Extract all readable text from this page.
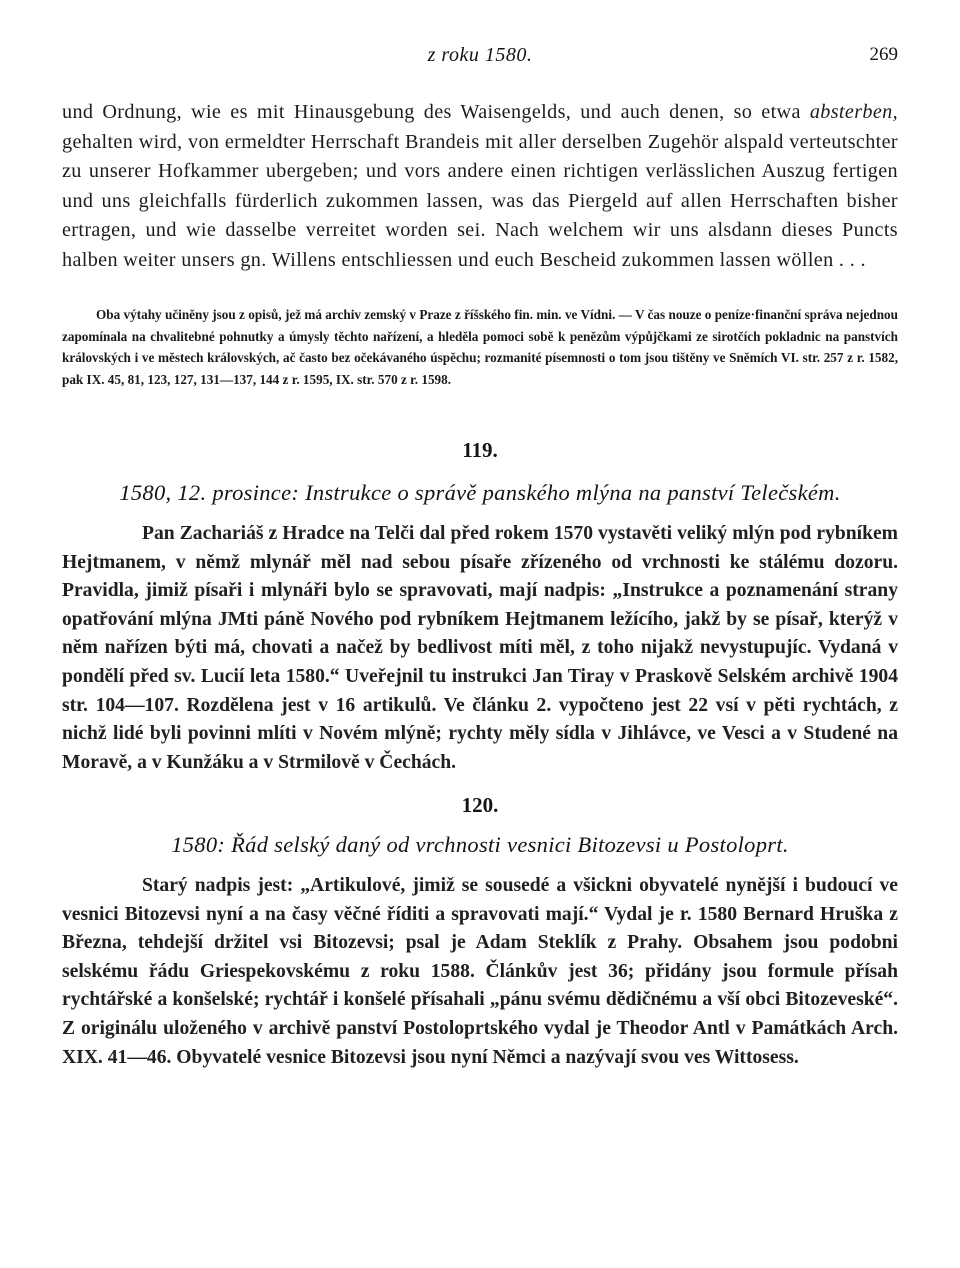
z roku 1580.	269

und Ordnung, wie es mit Hinausgebung des Waisengelds, und auch denen, so etwa absterben, gehalten wird, von ermeldter Herrschaft Brandeis mit aller derselben Zugehör alspald verteutschter zu unserer Hofkammer ubergeben; und vors andere einen richtigen verlässlichen Auszug fertigen und uns gleichfalls fürderlich zukommen lassen, was das Piergeld auf allen Herrschaften bisher ertragen, und wie dasselbe verreitet worden sei. Nach welchem wir uns alsdann dieses Puncts halben weiter unsers gn. Willens entschliessen und euch Bescheid zukommen lassen wöllen . . .

Oba výtahy učiněny jsou z opisů, jež má archiv zemský v Praze z říšského fin. min. ve Vídni. — V čas nouze o peníze·finanční správa nejednou zapomínala na chvalitebné pohnutky a úmysly těchto nařízení, a hleděla pomoci sobě k penězům výpůjčkami ze sirotčích pokladnic na panstvích královských i ve městech královských, ač často bez očekávaného úspěchu; rozmanité písemnosti o tom jsou tištěny ve Sněmích VI. str. 257 z r. 1582, pak IX. 45, 81, 123, 127, 131—137, 144 z r. 1595, IX. str. 570 z r. 1598.

119.
1580, 12. prosince: Instrukce o správě panského mlýna na panství Telečském.

Pan Zachariáš z Hradce na Telči dal před rokem 1570 vystavěti veliký mlýn pod rybníkem Hejtmanem, v němž mlynář měl nad sebou písaře zřízeného od vrchnosti ke stálému dozoru. Pravidla, jimiž písaři i mlynáři bylo se spravovati, mají nadpis: „Instrukce a poznamenání strany opatřování mlýna JMti páně Nového pod rybníkem Hejtmanem ležícího, jakž by se písař, kterýž v něm nařízen býti má, chovati a načež by bedlivost míti měl, z toho nijakž nevystupujíc. Vydaná v pondělí před sv. Lucií leta 1580.“ Uveřejnil tu instrukci Jan Tiray v Praskově Selském archivě 1904 str. 104—107. Rozdělena jest v 16 artikulů. Ve článku 2. vypočteno jest 22 vsí v pěti rychtách, z nichž lidé byli povinni mlíti v Novém mlýně; rychty měly sídla v Jihlávce, ve Vesci a v Studené na Moravě, a v Kunžáku a v Strmilově v Čechách.

120.
1580: Řád selský daný od vrchnosti vesnici Bitozevsi u Postoloprt.

Starý nadpis jest: „Artikulové, jimiž se sousedé a všickni obyvatelé nynější i budoucí ve vesnici Bitozevsi nyní a na časy věčné říditi a spravovati mají.“ Vydal je r. 1580 Bernard Hruška z Března, tehdejší držitel vsi Bitozevsi; psal je Adam Steklík z Prahy. Obsahem jsou podobni selskému řádu Griespekovskému z roku 1588. Článkův jest 36; přidány jsou formule přísah rychtářské a konšelské; rychtář i konšelé přísahali „pánu svému dědičnému a vší obci Bitozeveské“. Z originálu uloženého v archivě panství Postoloprtského vydal je Theodor Antl v Památkách Arch. XIX. 41—46. Obyvatelé vesnice Bitozevsi jsou nyní Němci a nazývají svou ves Wittosess.
